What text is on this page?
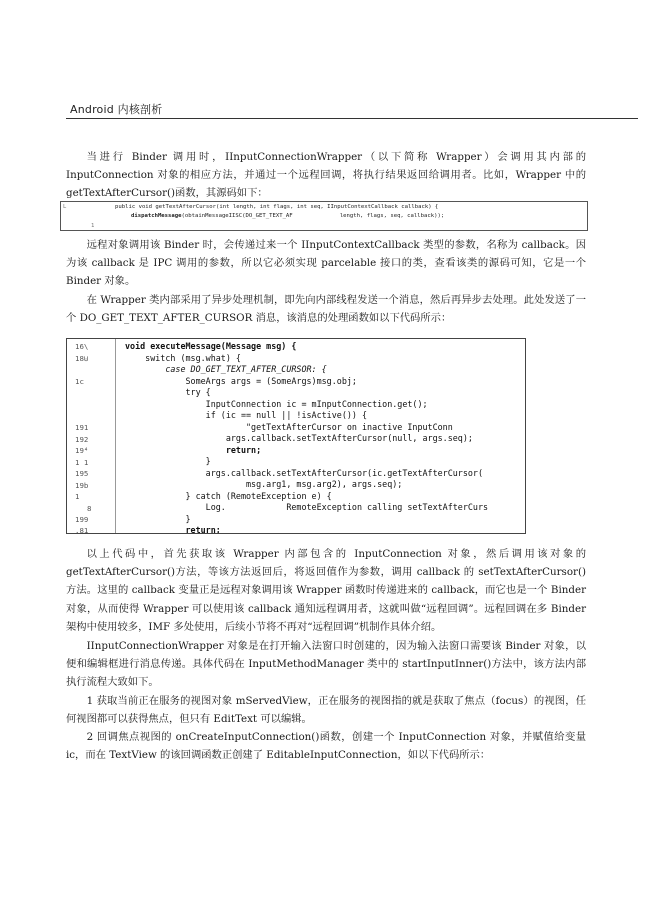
Android 内核剖析

当进行 Binder 调用时，IInputConnectionWrapper（以下简称 Wrapper）会调用其内部的 InputConnection 对象的相应方法，并通过一个远程回调，将执行结果返回给调用者。比如，Wrapper 中的 getTextAfterCursor()函数，其源码如下：

L	public void getTextAfterCursor(int length, int flags, int seq, IInputContextCallback callback) {
dispatchMessage(obtainMessageIISC(DO_GET_TEXT_AF              length, flags, seq, callback));
1

远程对象调用该 Binder 时，会传递过来一个 IInputContextCallback 类型的参数，名称为 callback。因为该 callback 是 IPC 调用的参数，所以它必须实现 parcelable 接口的类，查看该类的源码可知，它是一个 Binder 对象。

在 Wrapper 类内部采用了异步处理机制，即先向内部线程发送一个消息，然后再异步去处理。此处发送了一个 DO_GET_TEXT_AFTER_CURSOR 消息，该消息的处理函数如以下代码所示：

16\
18⊍
1c
191
192
19⁴
1 1
195
19b
1
8
199
.81
void executeMessage(Message msg) {
switch (msg.what) {
case DO_GET_TEXT_AFTER_CURSOR: {
SomeArgs args = (SomeArgs)msg.obj;
try {
InputConnection ic = mInputConnection.get();
if (ic == null || !isActive()) {
"getTextAfterCursor on inactive InputConn
args.callback.setTextAfterCursor(null, args.seq);
return;
}
args.callback.setTextAfterCursor(ic.getTextAfterCursor(
msg.arg1, msg.arg2), args.seq);
} catch (RemoteException e) {
Log.            RemoteException calling setTextAfterCurs
}
return;

以上代码中，首先获取该 Wrapper 内部包含的 InputConnection 对象，然后调用该对象的 getTextAfterCursor()方法，等该方法返回后，将返回值作为参数，调用 callback 的 setTextAfterCursor() 方法。这里的 callback 变量正是远程对象调用该 Wrapper 函数时传递进来的 callback，而它也是一个 Binder 对象，从而使得 Wrapper 可以使用该 callback 通知远程调用者，这就叫做“远程回调”。远程回调在多 Binder 架构中使用较多，IMF 多处使用，后续小节将不再对“远程回调”机制作具体介绍。

IInputConnectionWrapper 对象是在打开输入法窗口时创建的，因为输入法窗口需要该 Binder 对象，以便和编辑框进行消息传递。具体代码在 InputMethodManager 类中的 startInputInner()方法中，该方法内部执行流程大致如下。

1 获取当前正在服务的视图对象 mServedView，正在服务的视图指的就是获取了焦点（focus）的视图，任何视图都可以获得焦点，但只有 EditText 可以编辑。

2 回调焦点视图的 onCreateInputConnection()函数，创建一个 InputConnection 对象，并赋值给变量 ic，而在 TextView 的该回调函数正创建了 EditableInputConnection，如以下代码所示：
